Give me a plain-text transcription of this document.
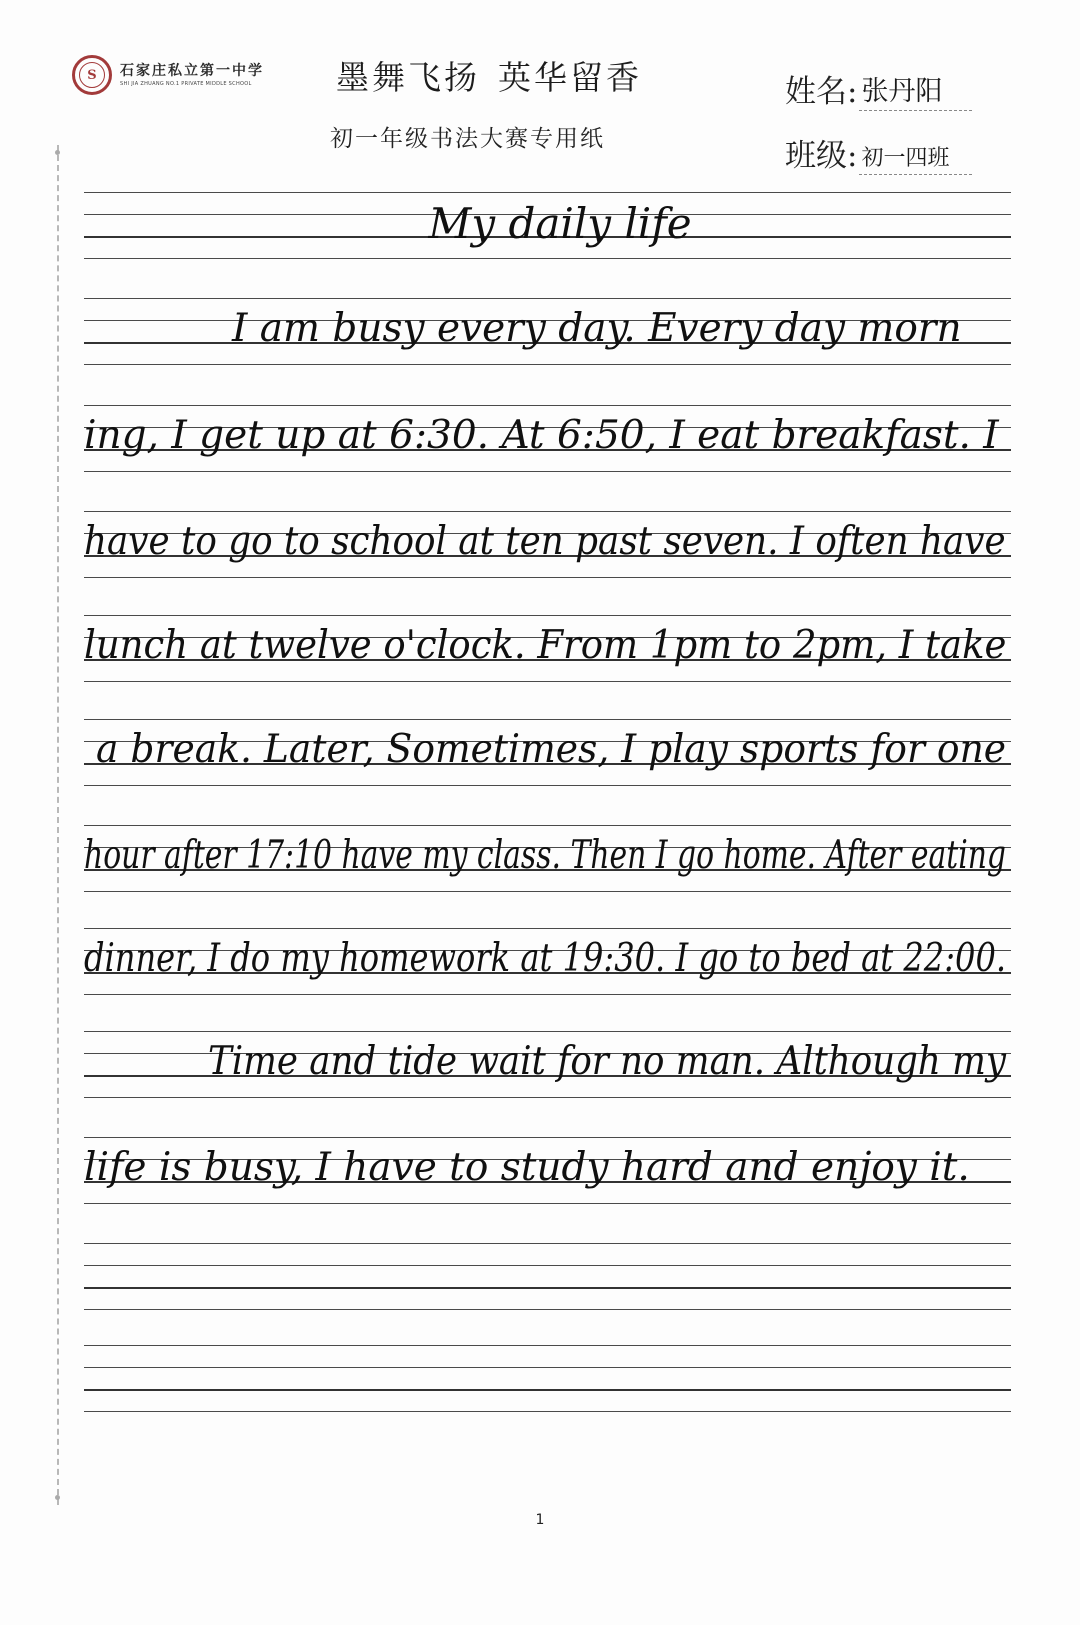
S	石家庄私立第一中学
SHI JIA ZHUANG NO.1 PRIVATE MIDDLE SCHOOL	墨舞飞扬 英华留香
初一年级书法大赛专用纸
姓名: 张丹阳
班级: 初一四班
My daily life
I am busy every day. Every day morn
ing, I get up at 6:30. At 6:50, I eat breakfast. I
have to go to school at ten past seven. I often have
lunch at twelve o'clock. From 1pm to 2pm, I take
a break. Later, Sometimes, I play sports for one
hour after 17:10 have my class. Then I go home. After eating
dinner, I do my homework at 19:30. I go to bed at 22:00.
Time and tide wait for no man. Although my
life is busy, I have to study hard and enjoy it.
1
